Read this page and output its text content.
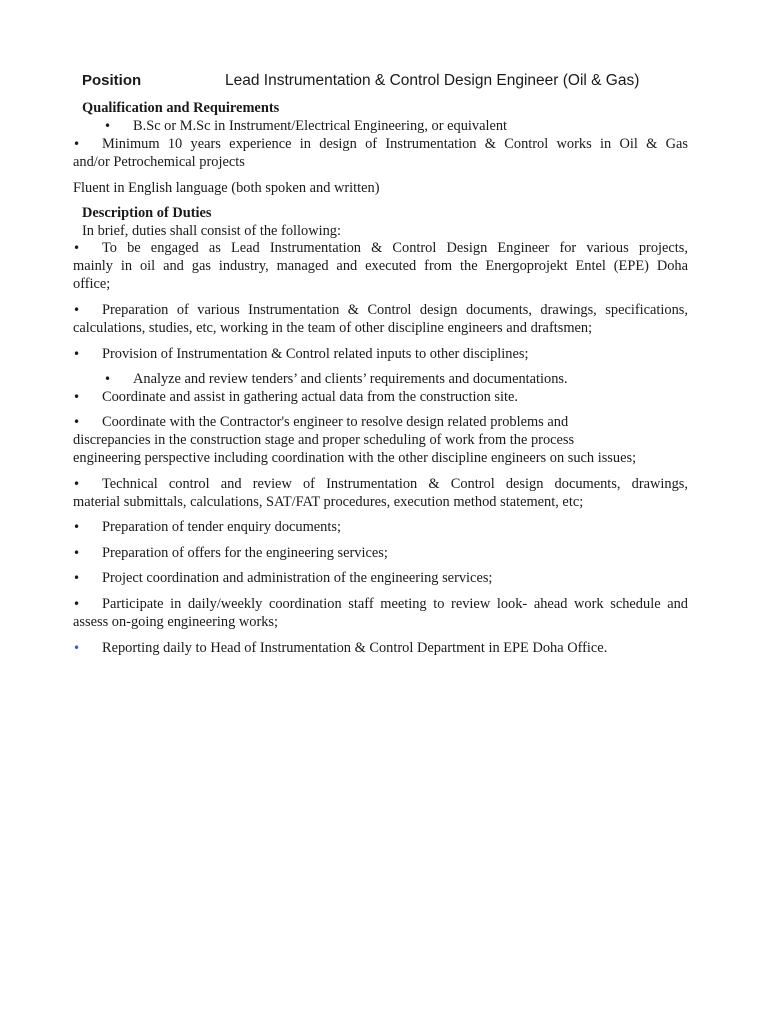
Position	Lead Instrumentation & Control Design Engineer (Oil & Gas)
Qualification and Requirements
• B.Sc or M.Sc in Instrument/Electrical Engineering, or equivalent
• Minimum 10 years experience in design of Instrumentation & Control works in Oil & Gas
and/or Petrochemical projects
Fluent in English language (both spoken and written)
Description of Duties
In brief, duties shall consist of the following:
• To be engaged as Lead Instrumentation & Control Design Engineer for various projects,
mainly in oil and gas industry, managed and executed from the Energoprojekt Entel (EPE) Doha
office;
• Preparation of various Instrumentation & Control design documents, drawings, specifications,
calculations, studies, etc, working in the team of other discipline engineers and draftsmen;
• Provision of Instrumentation & Control related inputs to other disciplines;
• Analyze and review tenders’ and clients’ requirements and documentations.
• Coordinate and assist in gathering actual data from the construction site.
• Coordinate with the Contractor's engineer to resolve design related problems and
discrepancies in the construction stage and proper scheduling of work from the process
engineering perspective including coordination with the other discipline engineers on such issues;
• Technical control and review of Instrumentation & Control design documents, drawings,
material submittals, calculations, SAT/FAT procedures, execution method statement, etc;
• Preparation of tender enquiry documents;
• Preparation of offers for the engineering services;
• Project coordination and administration of the engineering services;
• Participate in daily/weekly coordination staff meeting to review look- ahead work schedule and
assess on-going engineering works;
• Reporting daily to Head of Instrumentation & Control Department in EPE Doha Office.
